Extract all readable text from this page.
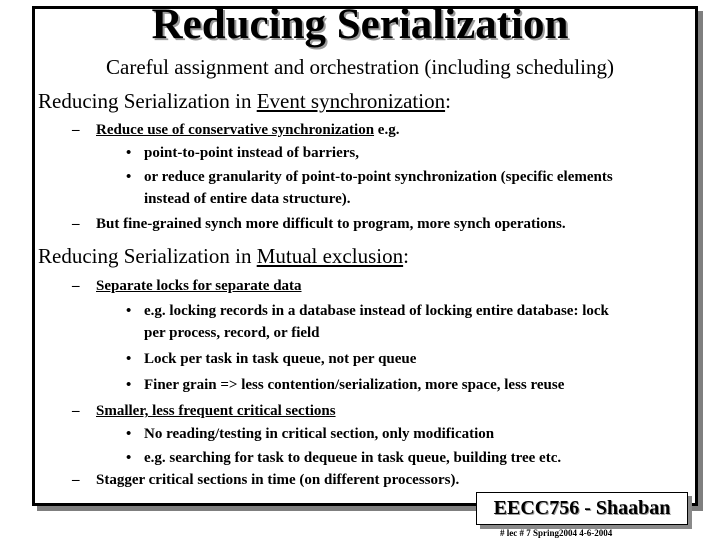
Reducing Serialization
Careful assignment and orchestration (including scheduling)
Reducing Serialization in Event synchronization:
– Reduce use of conservative synchronization e.g.
• point-to-point instead of barriers,
• or reduce granularity of point-to-point synchronization (specific elements
instead of entire data structure).
– But fine-grained synch more difficult to program, more synch operations.
Reducing Serialization in Mutual exclusion:
– Separate locks for separate data
• e.g. locking records in a database instead of locking entire database: lock
per process, record, or field
• Lock per task in task queue, not per queue
• Finer grain => less contention/serialization, more space, less reuse
– Smaller, less frequent critical sections
• No reading/testing in critical section, only modification
• e.g. searching for task to dequeue in task queue, building tree etc.
– Stagger critical sections in time (on different processors).
EECC756 - Shaaban
# lec # 7 Spring2004 4-6-2004
